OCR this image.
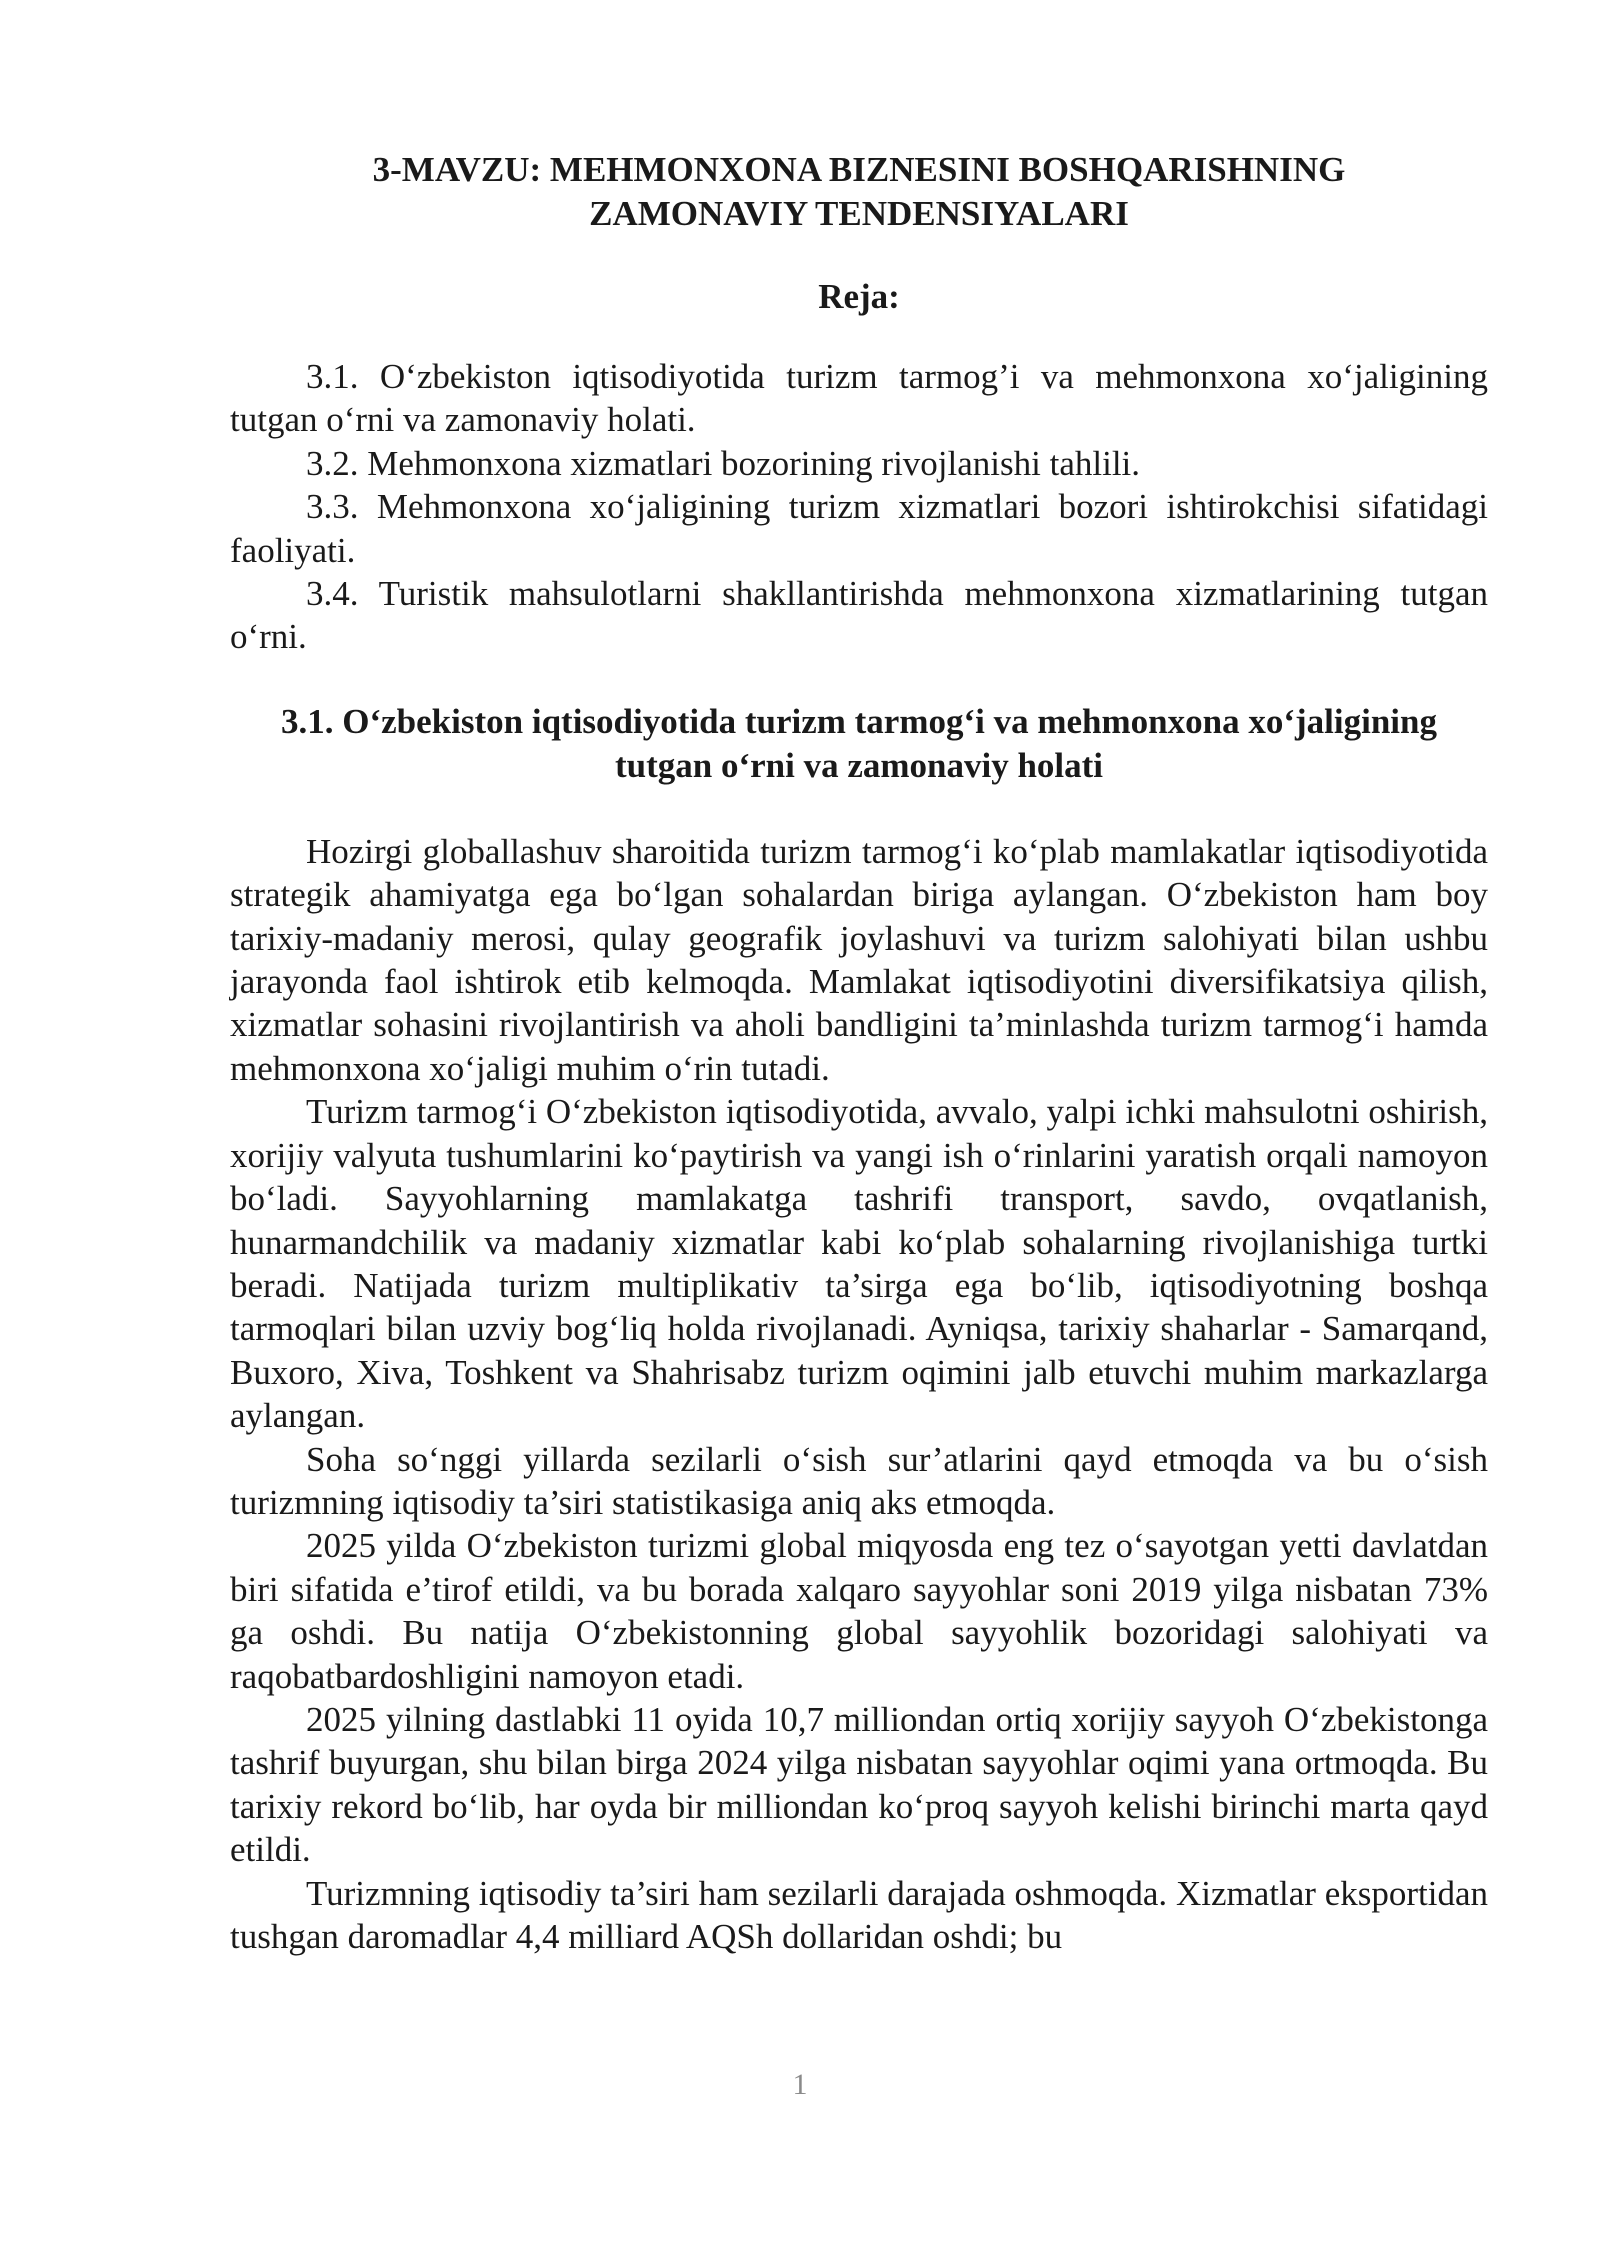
3-MAVZU: MEHMONXONA BIZNESINI BOSHQARISHNING
ZAMONAVIY TENDENSIYALARI
Reja:
3.1. O‘zbekiston iqtisodiyotida turizm tarmog’i va mehmonxona xo‘jaligining tutgan o‘rni va zamonaviy holati.
3.2. Mehmonxona xizmatlari bozorining rivojlanishi tahlili.
3.3. Mehmonxona xo‘jaligining turizm xizmatlari bozori ishtirokchisi sifatidagi faoliyati.
3.4. Turistik mahsulotlarni shakllantirishda mehmonxona xizmatlarining tutgan o‘rni.
3.1. O‘zbekiston iqtisodiyotida turizm tarmog‘i va mehmonxona xo‘jaligining
tutgan o‘rni va zamonaviy holati

Hozirgi globallashuv sharoitida turizm tarmog‘i ko‘plab mamlakatlar iqtisodiyotida strategik ahamiyatga ega bo‘lgan sohalardan biriga aylangan. O‘zbekiston ham boy tarixiy-madaniy merosi, qulay geografik joylashuvi va turizm salohiyati bilan ushbu jarayonda faol ishtirok etib kelmoqda. Mamlakat iqtisodiyotini diversifikatsiya qilish, xizmatlar sohasini rivojlantirish va aholi bandligini ta’minlashda turizm tarmog‘i hamda mehmonxona xo‘jaligi muhim o‘rin tutadi.

Turizm tarmog‘i O‘zbekiston iqtisodiyotida, avvalo, yalpi ichki mahsulotni oshirish, xorijiy valyuta tushumlarini ko‘paytirish va yangi ish o‘rinlarini yaratish orqali namoyon bo‘ladi. Sayyohlarning mamlakatga tashrifi transport, savdo, ovqatlanish, hunarmandchilik va madaniy xizmatlar kabi ko‘plab sohalarning rivojlanishiga turtki beradi. Natijada turizm multiplikativ ta’sirga ega bo‘lib, iqtisodiyotning boshqa tarmoqlari bilan uzviy bog‘liq holda rivojlanadi. Ayniqsa, tarixiy shaharlar - Samarqand, Buxoro, Xiva, Toshkent va Shahrisabz turizm oqimini jalb etuvchi muhim markazlarga aylangan.

Soha so‘nggi yillarda sezilarli o‘sish sur’atlarini qayd etmoqda va bu o‘sish turizmning iqtisodiy ta’siri statistikasiga aniq aks etmoqda.

2025 yilda O‘zbekiston turizmi global miqyosda eng tez o‘sayotgan yetti davlatdan biri sifatida e’tirof etildi, va bu borada xalqaro sayyohlar soni 2019 yilga nisbatan 73% ga oshdi. Bu natija O‘zbekistonning global sayyohlik bozoridagi salohiyati va raqobatbardoshligini namoyon etadi.

2025 yilning dastlabki 11 oyida 10,7 milliondan ortiq xorijiy sayyoh O‘zbekistonga tashrif buyurgan, shu bilan birga 2024 yilga nisbatan sayyohlar oqimi yana ortmoqda. Bu tarixiy rekord bo‘lib, har oyda bir milliondan ko‘proq sayyoh kelishi birinchi marta qayd etildi.

Turizmning iqtisodiy ta’siri ham sezilarli darajada oshmoqda. Xizmatlar eksportidan tushgan daromadlar 4,4 milliard AQSh dollaridan oshdi; bu

1
